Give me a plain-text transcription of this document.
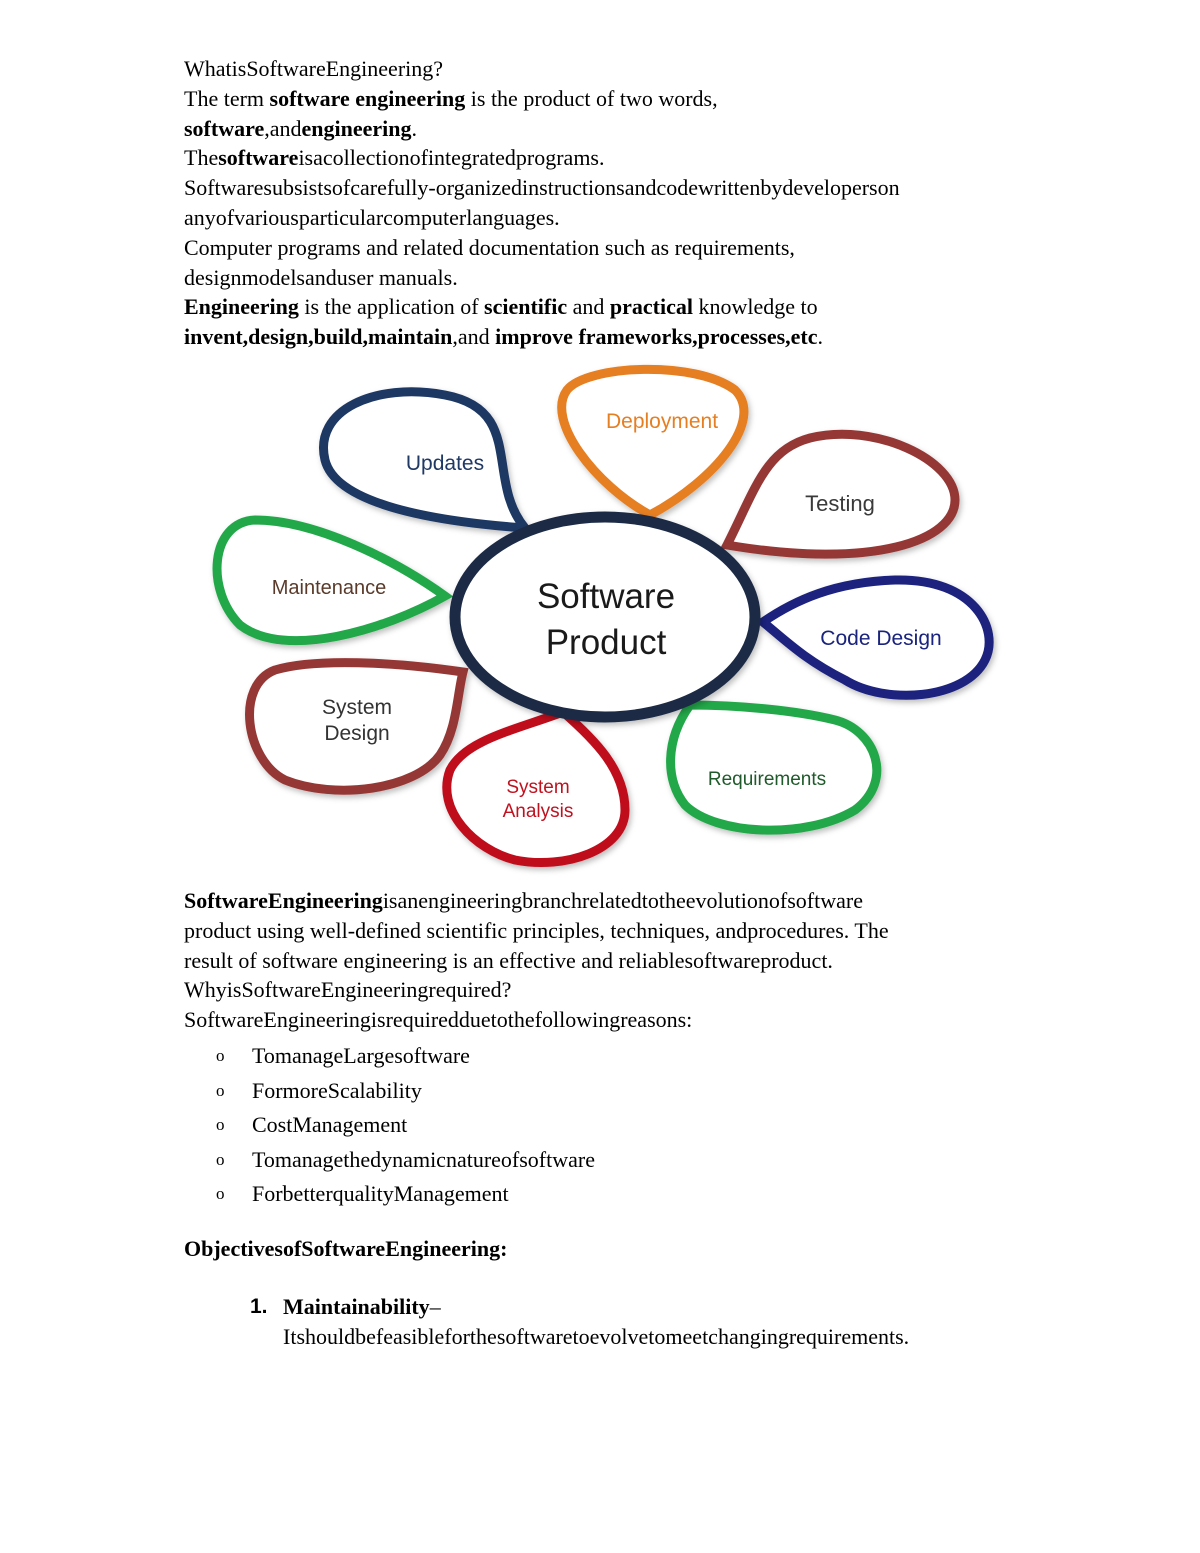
WhatisSoftwareEngineering?

The term software engineering is the product of two words,

software,andengineering.

Thesoftwareisacollectionofintegratedprograms.

Softwaresubsistsofcarefully-organizedinstructionsandcodewrittenbydeveloperson

anyofvariousparticularcomputerlanguages.

Computer programs and related documentation such as requirements,

designmodelsanduser manuals.

Engineering is the application of scientific and practical knowledge to

invent,design,build,maintain,and improve frameworks,processes,etc.

Updates
Deployment
Testing
Maintenance
Code Design
System
Design
System
Analysis
Requirements
Software
Product

SoftwareEngineeringisanengineeringbranchrelatedtotheevolutionofsoftware

product using well-defined scientific principles, techniques, andprocedures. The

result of software engineering is an effective and reliablesoftwareproduct.

WhyisSoftwareEngineeringrequired?

SoftwareEngineeringisrequiredduetothefollowingreasons:

o TomanageLargesoftware
o FormoreScalability
o CostManagement
o Tomanagethedynamicnatureofsoftware
o ForbetterqualityManagement

ObjectivesofSoftwareEngineering:

1. Maintainability–
Itshouldbefeasibleforthesoftwaretoevolvetomeetchangingrequirements.
